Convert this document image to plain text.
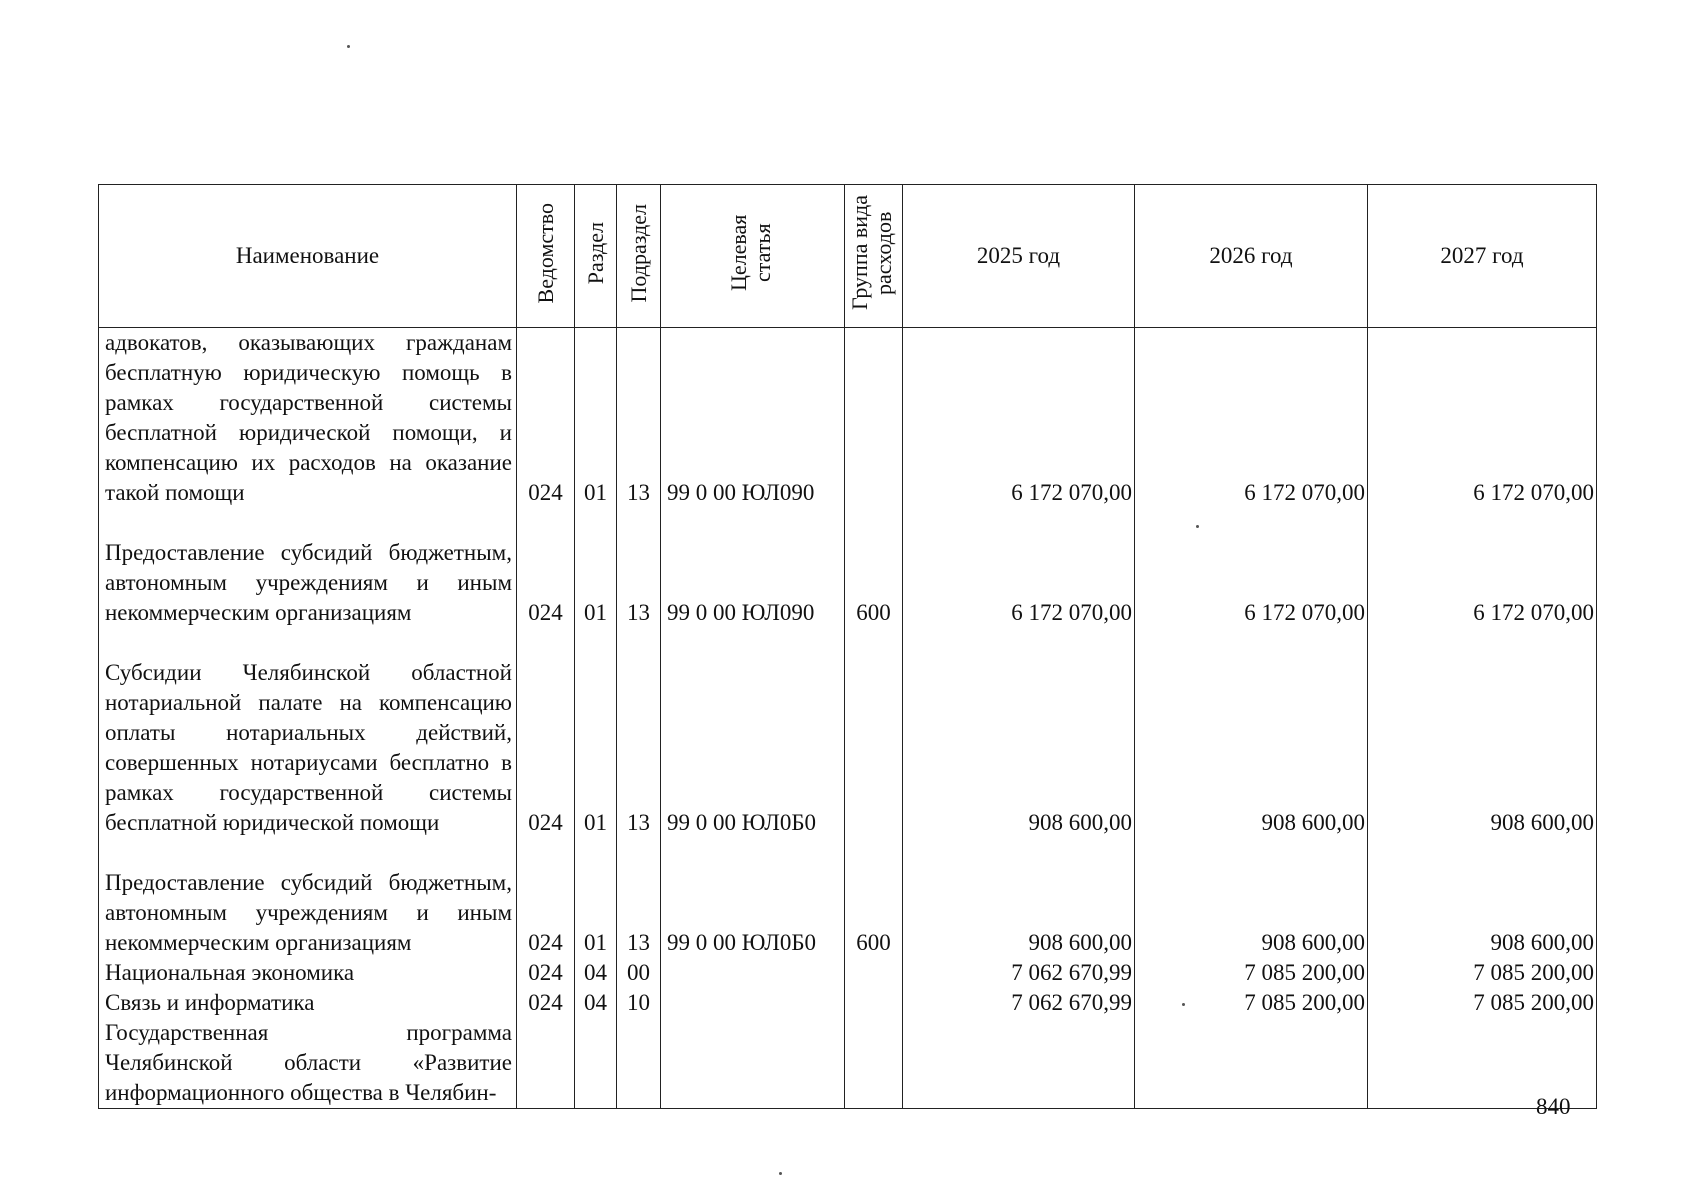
Наименование	Ведомство	Раздел	Подраздел	Целевая статья	Группа вида расходов	2025 год	2026 год	2027 год

адвокатов, оказывающих гражданам бесплатную юридическую помощь в рамках государственной системы бесплатной юридической помощи, и компенсацию их расходов на оказание такой помощи	024	01	13	99 0 00 ЮЛ090		6 172 070,00	6 172 070,00	6 172 070,00

Предоставление субсидий бюджетным, автономным учреждениям и иным некоммерческим организациям	024	01	13	99 0 00 ЮЛ090	600	6 172 070,00	6 172 070,00	6 172 070,00

Субсидии Челябинской областной нотариальной палате на компенсацию оплаты нотариальных действий, совершенных нотариусами бесплатно в рамках государственной системы бесплатной юридической помощи	024	01	13	99 0 00 ЮЛ0Б0		908 600,00	908 600,00	908 600,00

Предоставление субсидий бюджетным, автономным учреждениям и иным некоммерческим организациям	024	01	13	99 0 00 ЮЛ0Б0	600	908 600,00	908 600,00	908 600,00

Национальная экономика	024	04	00			7 062 670,99	7 085 200,00	7 085 200,00

Связь и информатика	024	04	10			7 062 670,99	7 085 200,00	7 085 200,00

Государственная программа Челябинской области «Развитие информационного общества в Челябин-								

840
